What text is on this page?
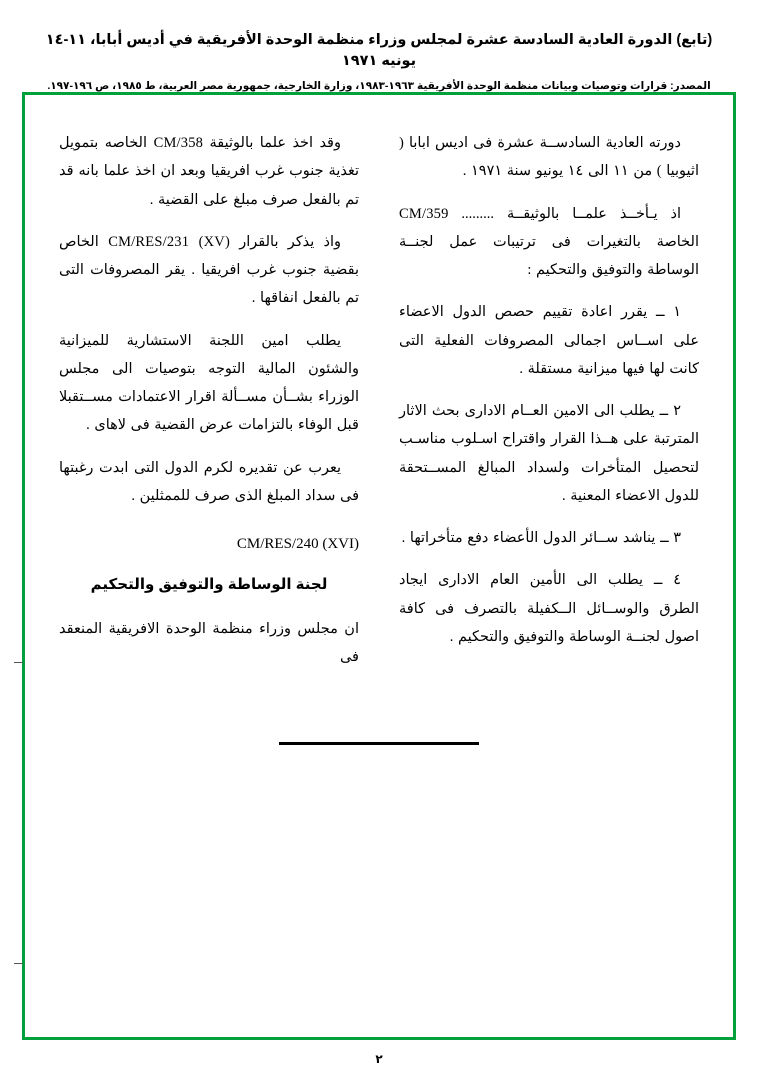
(تابع) الدورة العادية السادسة عشرة لمجلس وزراء منظمة الوحدة الأفريقية في أديس أبابا، ١١-١٤ يونيه ١٩٧١
المصدر: قرارات وتوصيات وبيانات منظمة الوحدة الأفريقية ١٩٦٣-١٩٨٣، وزارة الخارجية، جمهورية مصر العربية، ط ١٩٨٥، ص ١٩٦-١٩٧.

دورته العادية السادســة عشرة فى اديس ابابا ( اثيوبيا ) من ١١ الى ١٤ يونيو سنة ١٩٧١ .

اذ يـأخــذ علمــا بالوثيقــة ......... CM/359 الخاصة بالتغيرات فى ترتيبات عمل لجنــة الوساطة والتوفيق والتحكيم :

١ ــ يقرر اعادة تقييم حصص الدول الاعضاء على اســاس اجمالى المصروفات الفعلية التى كانت لها فيها ميزانية مستقلة .

٢ ــ يطلب الى الامين العــام الادارى بحث الاثار المترتبة على هــذا القرار واقتراح اسـلوب مناسـب لتحصيل المتأخرات ولسداد المبالغ المســتحقة للدول الاعضاء المعنية .

٣ ــ يناشد ســائر الدول الأعضاء دفع متأخراتها .

٤ ــ يطلب الى الأمين العام الادارى ايجاد الطرق والوســائل الــكفيلة بالتصرف فى كافة اصول لجنــة الوساطة والتوفيق والتحكيم .

وقد اخذ علما بالوثيقة CM/358 الخاصه بتمويل تغذية جنوب غرب افريقيا وبعد ان اخذ علما بانه قد تم بالفعل صرف مبلغ على القضية .

واذ يذكر بالقرار CM/RES/231 (XV) الخاص بقضية جنوب غرب افريقيا . يقر المصروفات التى تم بالفعل انفاقها .

يطلب امين اللجنة الاستشارية للميزانية والشئون المالية التوجه بتوصيات الى مجلس الوزراء بشــأن مســألة اقرار الاعتمادات مســتقبلا قبل الوفاء بالتزامات عرض القضية فى لاهاى .

يعرب عن تقديره لكرم الدول التى ابدت رغبتها فى سداد المبلغ الذى صرف للممثلين .

CM/RES/240 (XVI)
لجنة الوساطة والتوفيق والتحكيم

ان مجلس وزراء منظمة الوحدة الافريقية المنعقد فى

٢
